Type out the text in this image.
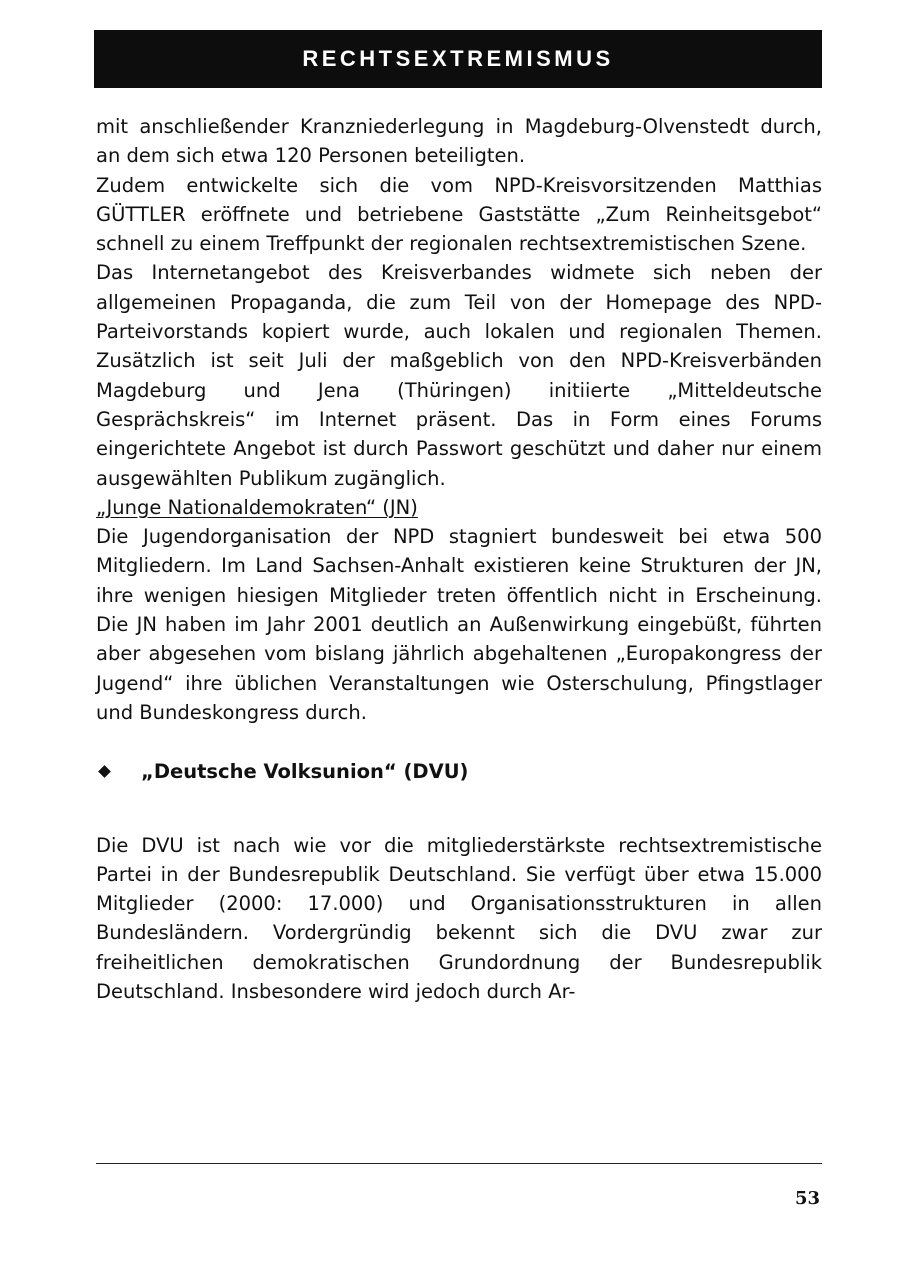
RECHTSEXTREMISMUS

mit anschließender Kranzniederlegung in Magdeburg-Olvenstedt durch, an dem sich etwa 120 Personen beteiligten.

Zudem entwickelte sich die vom NPD-Kreisvorsitzenden Matthias GÜTTLER eröffnete und betriebene Gaststätte „Zum Reinheitsgebot“ schnell zu einem Treffpunkt der regionalen rechtsextremistischen Szene.

Das Internetangebot des Kreisverbandes widmete sich neben der allgemeinen Propaganda, die zum Teil von der Homepage des NPD-Parteivorstands kopiert wurde, auch lokalen und regionalen Themen. Zusätzlich ist seit Juli der maßgeblich von den NPD-Kreisverbänden Magdeburg und Jena (Thüringen) initiierte „Mitteldeutsche Gesprächskreis“ im Internet präsent. Das in Form eines Forums eingerichtete Angebot ist durch Passwort geschützt und daher nur einem ausgewählten Publikum zugänglich.

„Junge Nationaldemokraten“ (JN)

Die Jugendorganisation der NPD stagniert bundesweit bei etwa 500 Mitgliedern. Im Land Sachsen-Anhalt existieren keine Strukturen der JN, ihre wenigen hiesigen Mitglieder treten öffentlich nicht in Erscheinung. Die JN haben im Jahr 2001 deutlich an Außenwirkung eingebüßt, führten aber abgesehen vom bislang jährlich abgehaltenen „Europakongress der Jugend“ ihre üblichen Veranstaltungen wie Osterschulung, Pfingstlager und Bundeskongress durch.

„Deutsche Volksunion“ (DVU)

Die DVU ist nach wie vor die mitgliederstärkste rechtsextremistische Partei in der Bundesrepublik Deutschland. Sie verfügt über etwa 15.000 Mitglieder (2000: 17.000) und Organisationsstrukturen in allen Bundesländern. Vordergründig bekennt sich die DVU zwar zur freiheitlichen demokratischen Grundordnung der Bundesrepublik Deutschland. Insbesondere wird jedoch durch Ar-

53
